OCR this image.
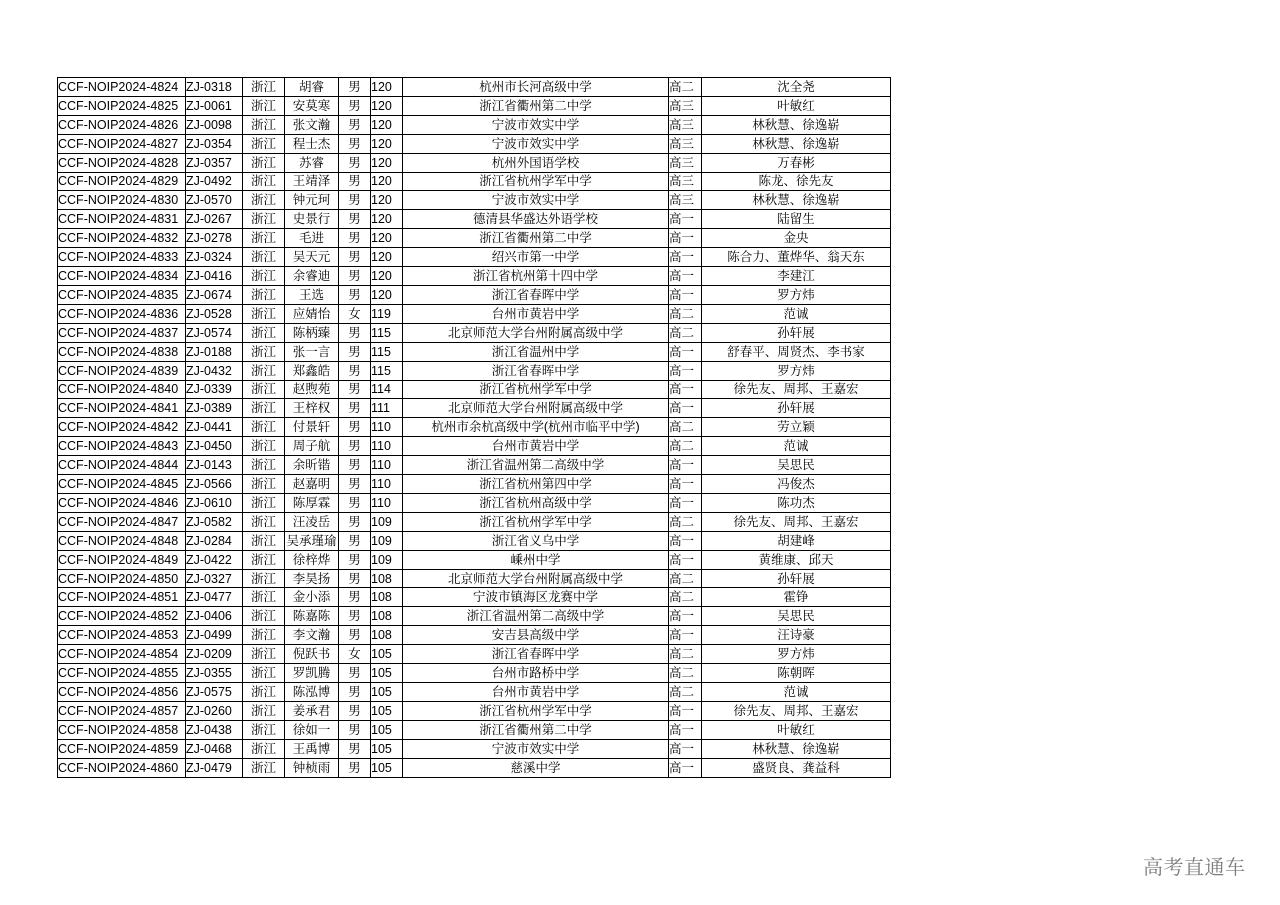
CCF-NOIP2024-4824	ZJ-0318	浙江	胡睿	男	120	杭州市长河高级中学	高二	沈全尧
CCF-NOIP2024-4825	ZJ-0061	浙江	安莫寒	男	120	浙江省衢州第二中学	高三	叶敏红
CCF-NOIP2024-4826	ZJ-0098	浙江	张文瀚	男	120	宁波市效实中学	高三	林秋慧、徐逸崭
CCF-NOIP2024-4827	ZJ-0354	浙江	程士杰	男	120	宁波市效实中学	高三	林秋慧、徐逸崭
CCF-NOIP2024-4828	ZJ-0357	浙江	苏睿	男	120	杭州外国语学校	高三	万春彬
CCF-NOIP2024-4829	ZJ-0492	浙江	王靖泽	男	120	浙江省杭州学军中学	高三	陈龙、徐先友
CCF-NOIP2024-4830	ZJ-0570	浙江	钟元珂	男	120	宁波市效实中学	高三	林秋慧、徐逸崭
CCF-NOIP2024-4831	ZJ-0267	浙江	史景行	男	120	德清县华盛达外语学校	高一	陆留生
CCF-NOIP2024-4832	ZJ-0278	浙江	毛进	男	120	浙江省衢州第二中学	高一	金央
CCF-NOIP2024-4833	ZJ-0324	浙江	吴天元	男	120	绍兴市第一中学	高一	陈合力、董烨华、翁天东
CCF-NOIP2024-4834	ZJ-0416	浙江	余睿迪	男	120	浙江省杭州第十四中学	高一	李建江
CCF-NOIP2024-4835	ZJ-0674	浙江	王选	男	120	浙江省春晖中学	高一	罗方炜
CCF-NOIP2024-4836	ZJ-0528	浙江	应婧怡	女	119	台州市黄岩中学	高二	范诚
CCF-NOIP2024-4837	ZJ-0574	浙江	陈柄臻	男	115	北京师范大学台州附属高级中学	高二	孙轩展
CCF-NOIP2024-4838	ZJ-0188	浙江	张一言	男	115	浙江省温州中学	高一	舒春平、周贤杰、李书家
CCF-NOIP2024-4839	ZJ-0432	浙江	郑鑫皓	男	115	浙江省春晖中学	高一	罗方炜
CCF-NOIP2024-4840	ZJ-0339	浙江	赵煦苑	男	114	浙江省杭州学军中学	高一	徐先友、周邦、王嘉宏
CCF-NOIP2024-4841	ZJ-0389	浙江	王梓权	男	111	北京师范大学台州附属高级中学	高一	孙轩展
CCF-NOIP2024-4842	ZJ-0441	浙江	付景轩	男	110	杭州市余杭高级中学(杭州市临平中学)	高二	劳立颖
CCF-NOIP2024-4843	ZJ-0450	浙江	周子航	男	110	台州市黄岩中学	高二	范诚
CCF-NOIP2024-4844	ZJ-0143	浙江	余昕锴	男	110	浙江省温州第二高级中学	高一	吴思民
CCF-NOIP2024-4845	ZJ-0566	浙江	赵嘉明	男	110	浙江省杭州第四中学	高一	冯俊杰
CCF-NOIP2024-4846	ZJ-0610	浙江	陈厚霖	男	110	浙江省杭州高级中学	高一	陈功杰
CCF-NOIP2024-4847	ZJ-0582	浙江	汪凌岳	男	109	浙江省杭州学军中学	高二	徐先友、周邦、王嘉宏
CCF-NOIP2024-4848	ZJ-0284	浙江	吴承瑾瑜	男	109	浙江省义乌中学	高一	胡建峰
CCF-NOIP2024-4849	ZJ-0422	浙江	徐梓烨	男	109	嵊州中学	高一	黄维康、邱天
CCF-NOIP2024-4850	ZJ-0327	浙江	李昊扬	男	108	北京师范大学台州附属高级中学	高二	孙轩展
CCF-NOIP2024-4851	ZJ-0477	浙江	金小添	男	108	宁波市镇海区龙赛中学	高二	霍铮
CCF-NOIP2024-4852	ZJ-0406	浙江	陈嘉陈	男	108	浙江省温州第二高级中学	高一	吴思民
CCF-NOIP2024-4853	ZJ-0499	浙江	李文瀚	男	108	安吉县高级中学	高一	汪诗豪
CCF-NOIP2024-4854	ZJ-0209	浙江	倪跃书	女	105	浙江省春晖中学	高二	罗方炜
CCF-NOIP2024-4855	ZJ-0355	浙江	罗凯腾	男	105	台州市路桥中学	高二	陈朝晖
CCF-NOIP2024-4856	ZJ-0575	浙江	陈泓博	男	105	台州市黄岩中学	高二	范诚
CCF-NOIP2024-4857	ZJ-0260	浙江	姜承君	男	105	浙江省杭州学军中学	高一	徐先友、周邦、王嘉宏
CCF-NOIP2024-4858	ZJ-0438	浙江	徐如一	男	105	浙江省衢州第二中学	高一	叶敏红
CCF-NOIP2024-4859	ZJ-0468	浙江	王禹博	男	105	宁波市效实中学	高一	林秋慧、徐逸崭
CCF-NOIP2024-4860	ZJ-0479	浙江	钟桢雨	男	105	慈溪中学	高一	盛贤良、龚益科
高考直通车
